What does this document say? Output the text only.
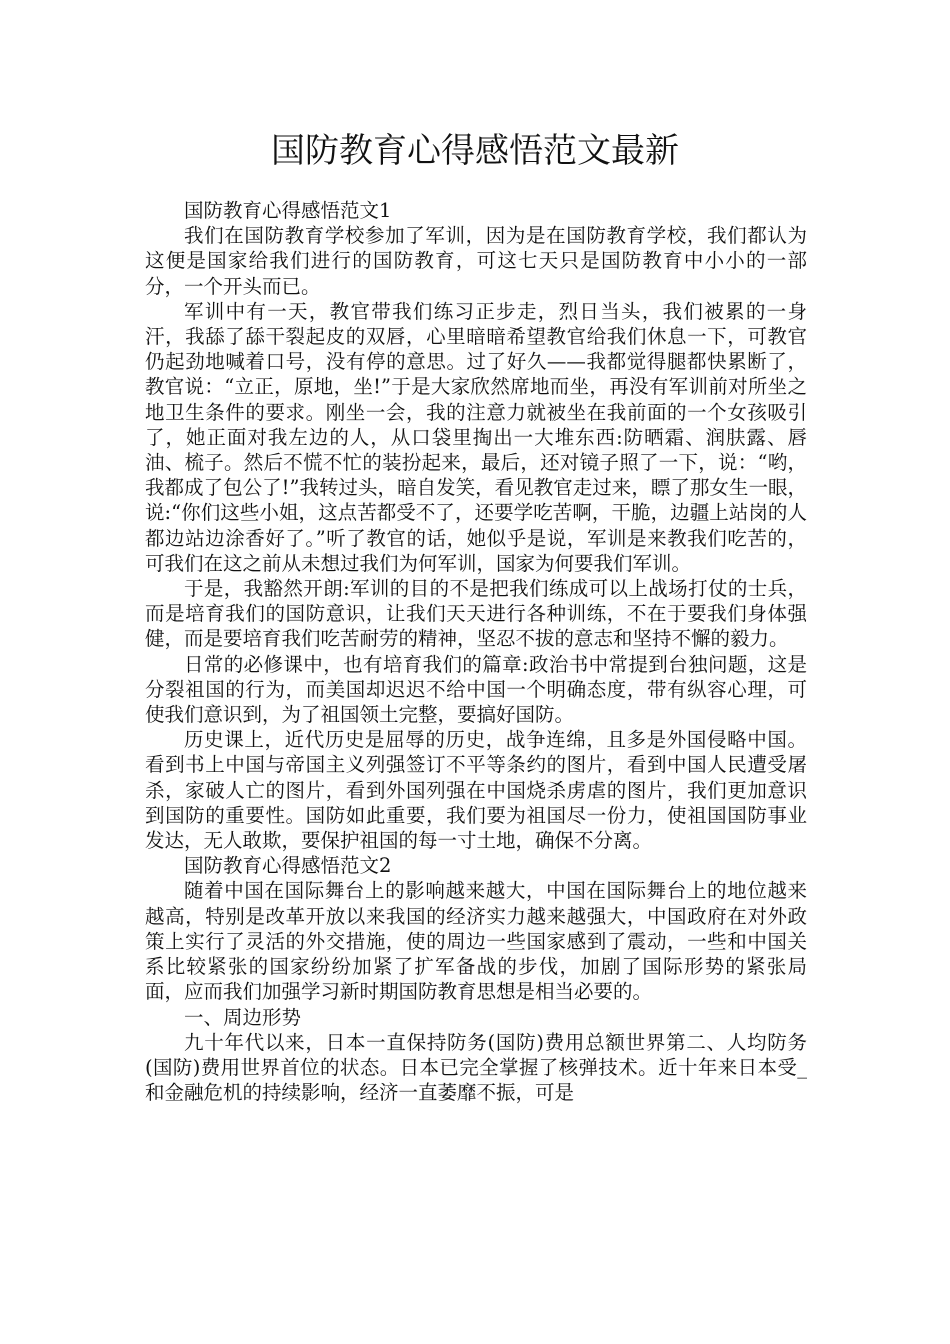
国防教育心得感悟范文最新

国防教育心得感悟范文1

我们在国防教育学校参加了军训，因为是在国防教育学校，我们都认为这便是国家给我们进行的国防教育，可这七天只是国防教育中小小的一部分，一个开头而已。

军训中有一天，教官带我们练习正步走，烈日当头，我们被累的一身汗，我舔了舔干裂起皮的双唇，心里暗暗希望教官给我们休息一下，可教官仍起劲地喊着口号，没有停的意思。过了好久——我都觉得腿都快累断了，教官说：“立正，原地，坐!”于是大家欣然席地而坐，再没有军训前对所坐之地卫生条件的要求。刚坐一会，我的注意力就被坐在我前面的一个女孩吸引了，她正面对我左边的人，从口袋里掏出一大堆东西:防晒霜、润肤露、唇油、梳子。然后不慌不忙的装扮起来，最后，还对镜子照了一下，说：“哟，我都成了包公了!”我转过头，暗自发笑，看见教官走过来，瞟了那女生一眼，说:“你们这些小姐，这点苦都受不了，还要学吃苦啊，干脆，边疆上站岗的人都边站边涂香好了。”听了教官的话，她似乎是说，军训是来教我们吃苦的，可我们在这之前从未想过我们为何军训，国家为何要我们军训。

于是，我豁然开朗:军训的目的不是把我们练成可以上战场打仗的士兵，而是培育我们的国防意识，让我们天天进行各种训练，不在于要我们身体强健，而是要培育我们吃苦耐劳的精神，坚忍不拔的意志和坚持不懈的毅力。

日常的必修课中，也有培育我们的篇章:政治书中常提到台独问题，这是分裂祖国的行为，而美国却迟迟不给中国一个明确态度，带有纵容心理，可使我们意识到，为了祖国领土完整，要搞好国防。

历史课上，近代历史是屈辱的历史，战争连绵，且多是外国侵略中国。看到书上中国与帝国主义列强签订不平等条约的图片，看到中国人民遭受屠杀，家破人亡的图片，看到外国列强在中国烧杀虏虐的图片，我们更加意识到国防的重要性。国防如此重要，我们要为祖国尽一份力，使祖国国防事业发达，无人敢欺，要保护祖国的每一寸土地，确保不分离。

国防教育心得感悟范文2

随着中国在国际舞台上的影响越来越大，中国在国际舞台上的地位越来越高，特别是改革开放以来我国的经济实力越来越强大，中国政府在对外政策上实行了灵活的外交措施，使的周边一些国家感到了震动，一些和中国关系比较紧张的国家纷纷加紧了扩军备战的步伐，加剧了国际形势的紧张局面，应而我们加强学习新时期国防教育思想是相当必要的。

一、周边形势

九十年代以来，日本一直保持防务(国防)费用总额世界第二、人均防务(国防)费用世界首位的状态。日本已完全掌握了核弹技术。近十年来日本受_和金融危机的持续影响，经济一直萎靡不振，可是
